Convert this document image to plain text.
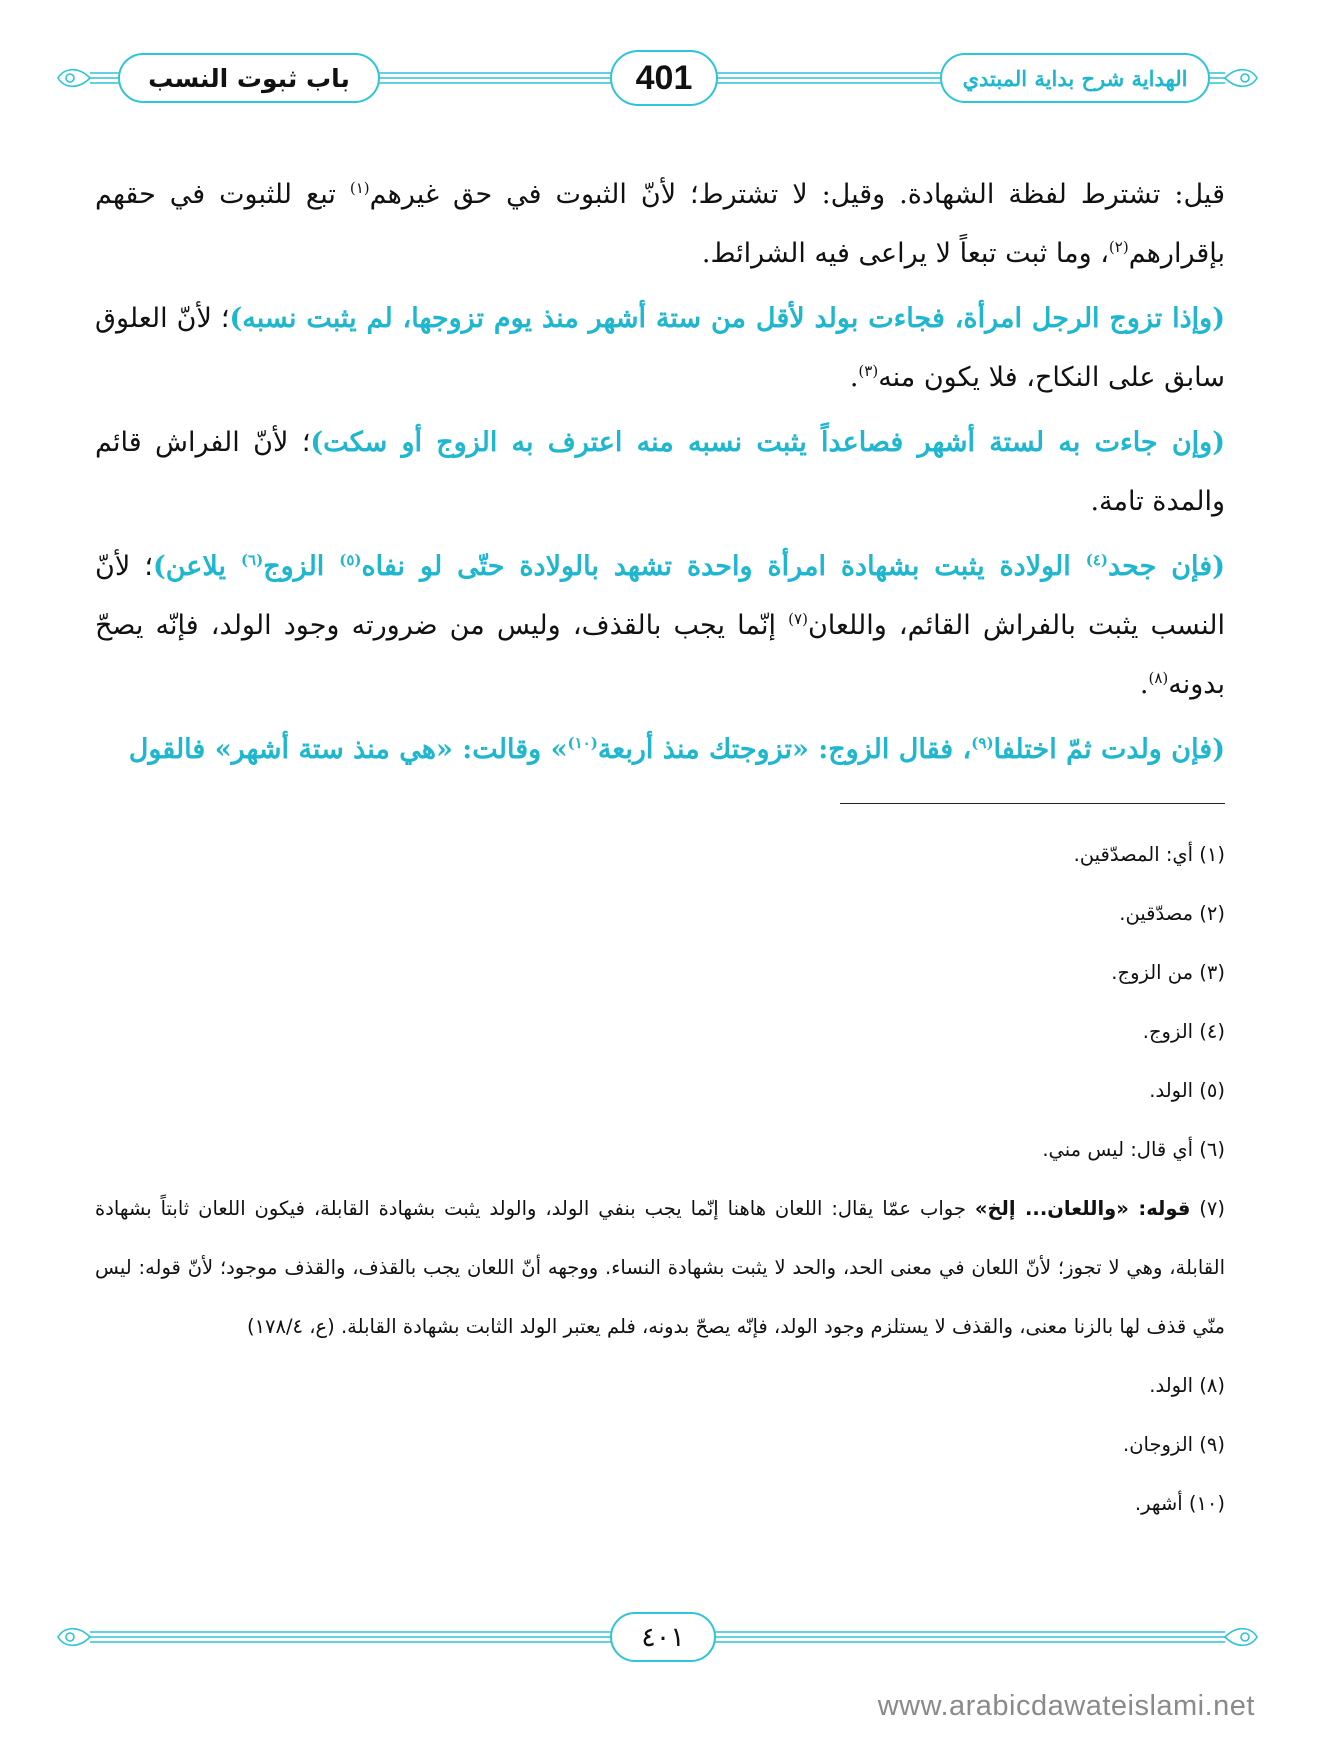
باب ثبوت النسب	401	الهداية شرح بداية المبتدي

قيل: تشترط لفظة الشهادة. وقيل: لا تشترط؛ لأنّ الثبوت في حق غيرهم$^{(١)}$ تبع للثبوت في حقهم بإقرارهم$^{(٢)}$، وما ثبت تبعاً لا يراعى فيه الشرائط.

(وإذا تزوج الرجل امرأة، فجاءت بولد لأقل من ستة أشهر منذ يوم تزوجها، لم يثبت نسبه)؛ لأنّ العلوق سابق على النكاح، فلا يكون منه$^{(٣)}$.

(وإن جاءت به لستة أشهر فصاعداً يثبت نسبه منه اعترف به الزوج أو سكت)؛ لأنّ الفراش قائم والمدة تامة.

(فإن جحد$^{(٤)}$ الولادة يثبت بشهادة امرأة واحدة تشهد بالولادة حتّى لو نفاه$^{(٥)}$ الزوج$^{(٦)}$ يلاعن)؛ لأنّ النسب يثبت بالفراش القائم، واللعان$^{(٧)}$ إنّما يجب بالقذف، وليس من ضرورته وجود الولد، فإنّه يصحّ بدونه$^{(٨)}$.

(فإن ولدت ثمّ اختلفا$^{(٩)}$، فقال الزوج: «تزوجتك منذ أربعة$^{(١٠)}$» وقالت: «هي منذ ستة أشهر» فالقول

(١) أي: المصدّقين.

(٢) مصدّقين.

(٣) من الزوج.

(٤) الزوج.

(٥) الولد.

(٦) أي قال: ليس مني.

(٧) قوله: «واللعان... إلخ» جواب عمّا يقال: اللعان هاهنا إنّما يجب بنفي الولد، والولد يثبت بشهادة القابلة، فيكون اللعان ثابتاً بشهادة القابلة، وهي لا تجوز؛ لأنّ اللعان في معنى الحد، والحد لا يثبت بشهادة النساء. ووجهه أنّ اللعان يجب بالقذف، والقذف موجود؛ لأنّ قوله: ليس منّي قذف لها بالزنا معنى، والقذف لا يستلزم وجود الولد، فإنّه يصحّ بدونه، فلم يعتبر الولد الثابت بشهادة القابلة. (ع، ١٧٨/٤)

(٨) الولد.

(٩) الزوجان.

(١٠) أشهر.

٤٠١
www.arabicdawateislami.net
